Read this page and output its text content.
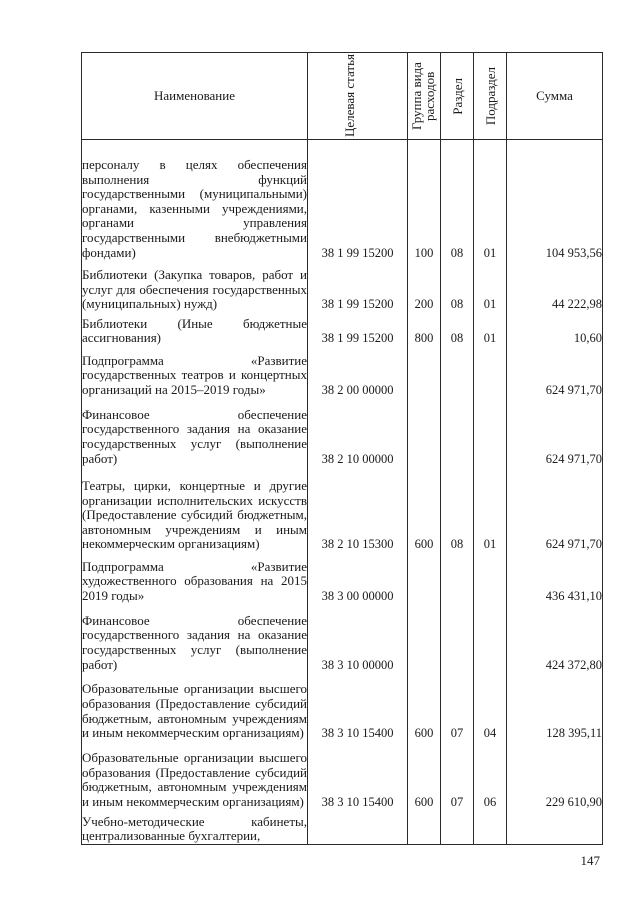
Наименование	Целевая статья	Группа вида расходов	Раздел	Подраздел	Сумма
персоналу в целях обеспечения выполнения функций государственными (муниципальными) органами, казенными учреждениями, органами управления государственными внебюджетными фондами)	38 1 99 15200	100	08	01	104 953,56
Библиотеки (Закупка товаров, работ и услуг для обеспечения государственных (муниципальных) нужд)	38 1 99 15200	200	08	01	44 222,98
Библиотеки (Иные бюджетные ассигнования)	38 1 99 15200	800	08	01	10,60
Подпрограмма «Развитие государственных театров и концертных организаций на 2015–2019 годы»	38 2 00 00000				624 971,70
Финансовое обеспечение государственного задания на оказание государственных услуг (выполнение работ)	38 2 10 00000				624 971,70
Театры, цирки, концертные и другие организации исполнительских искусств (Предоставление субсидий бюджетным, автономным учреждениям и иным некоммерческим организациям)	38 2 10 15300	600	08	01	624 971,70
Подпрограмма «Развитие художественного образования на 2015 2019 годы»	38 3 00 00000				436 431,10
Финансовое обеспечение государственного задания на оказание государственных услуг (выполнение работ)	38 3 10 00000				424 372,80
Образовательные организации высшего образования (Предоставление субсидий бюджетным, автономным учреждениям и иным некоммерческим организациям)	38 3 10 15400	600	07	04	128 395,11
Образовательные организации высшего образования (Предоставление субсидий бюджетным, автономным учреждениям и иным некоммерческим организациям)	38 3 10 15400	600	07	06	229 610,90
Учебно-методические кабинеты, централизованные бухгалтерии,					
147
